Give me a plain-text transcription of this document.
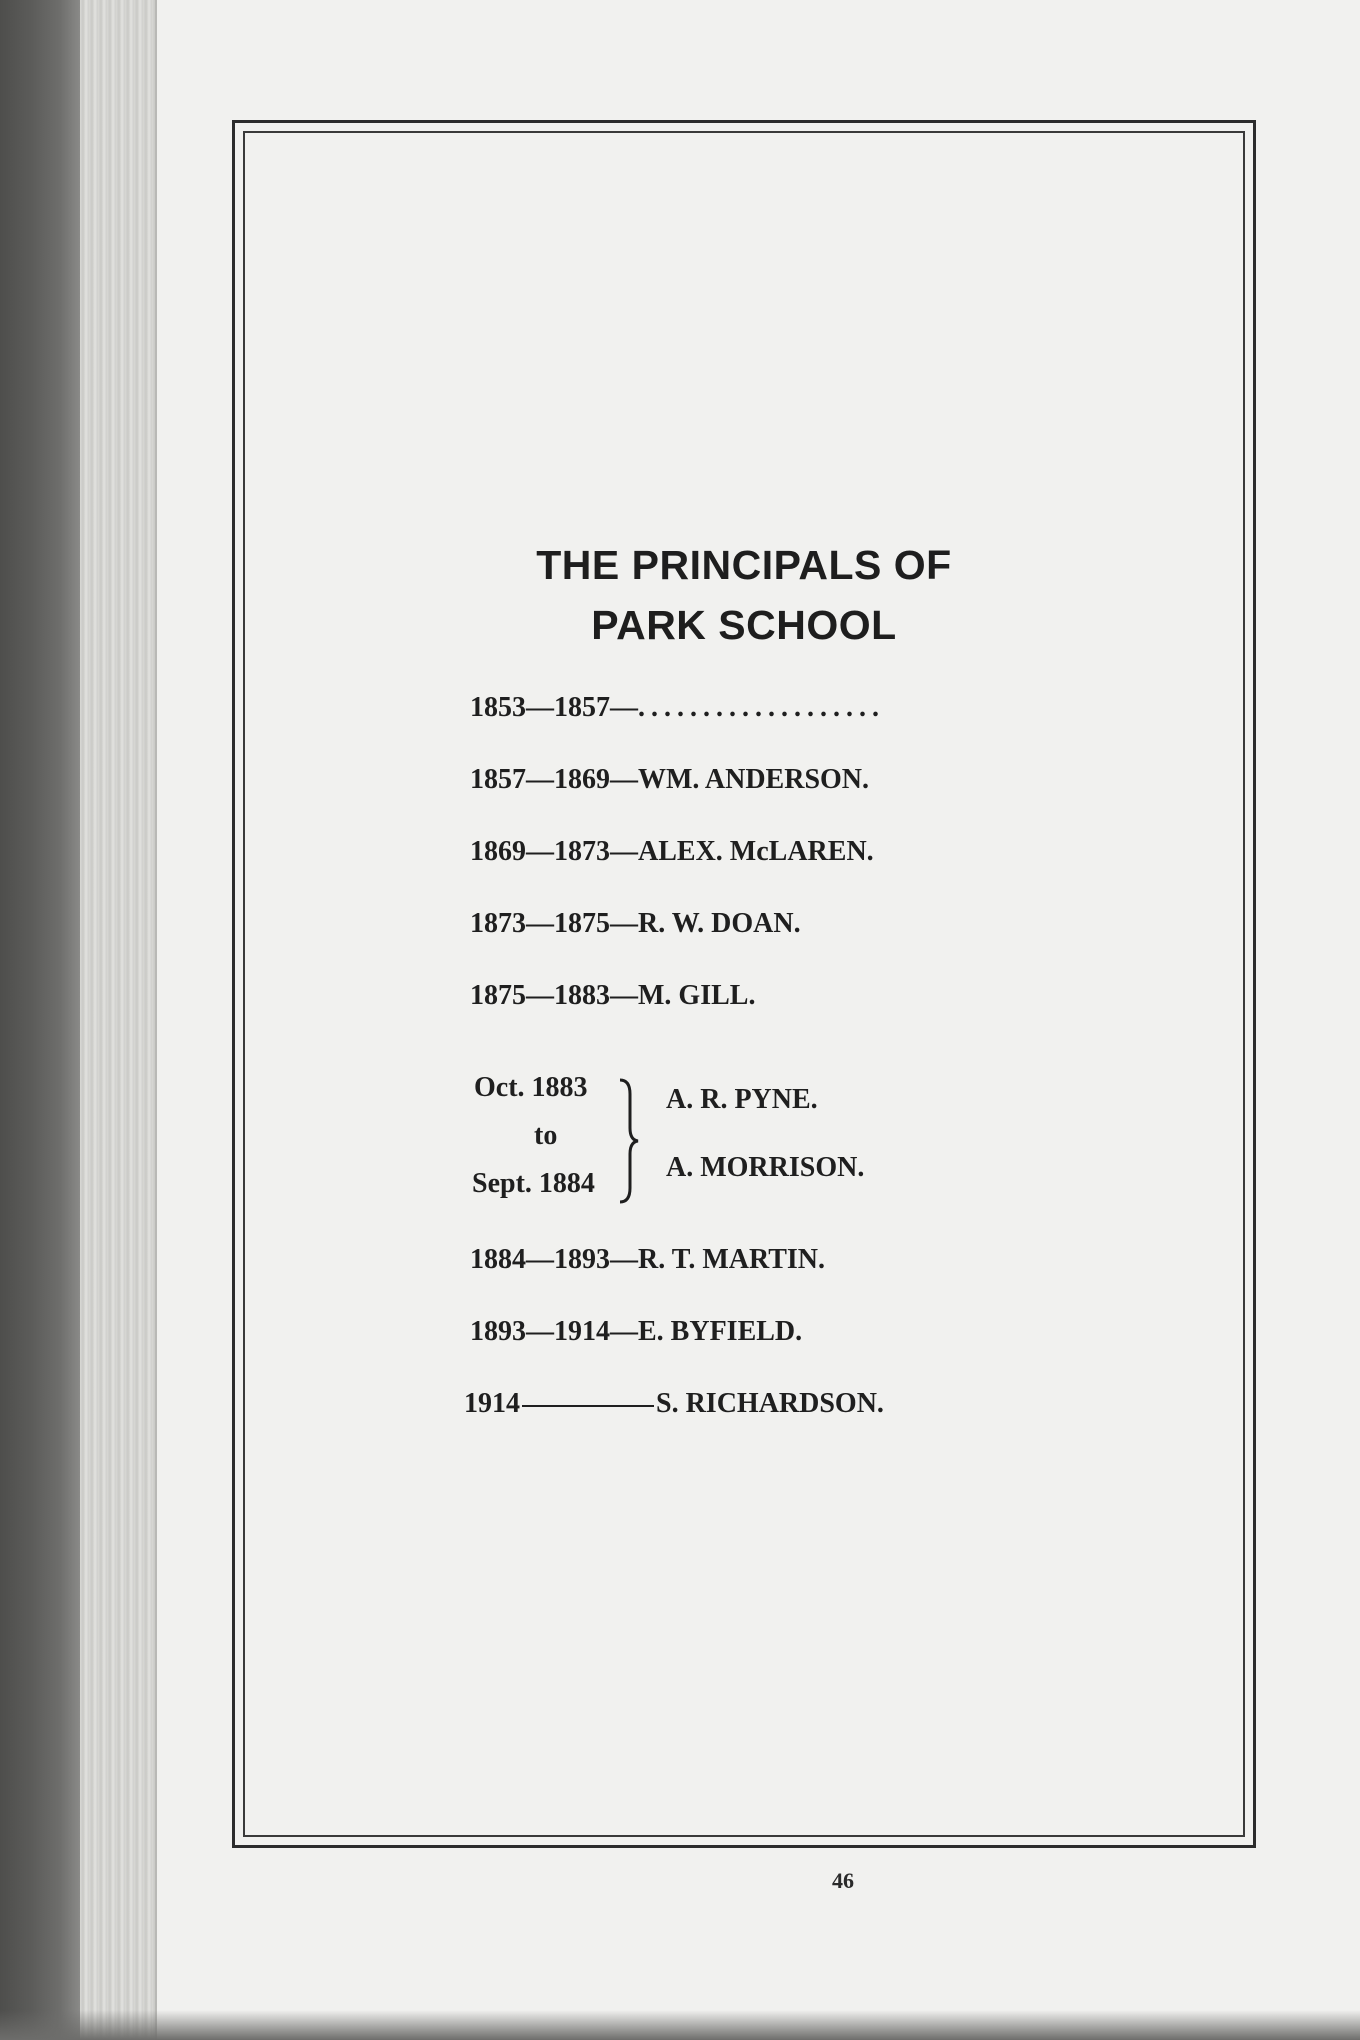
THE PRINCIPALS OF
PARK SCHOOL
1853—1857—...................
1857—1869—WM. ANDERSON.
1869—1873—ALEX. McLAREN.
1873—1875—R. W. DOAN.
1875—1883—M. GILL.
Oct. 1883
to
Sept. 1884
A. R. PYNE.
A. MORRISON.
1884—1893—R. T. MARTIN.
1893—1914—E. BYFIELD.
1914	S. RICHARDSON.
46
